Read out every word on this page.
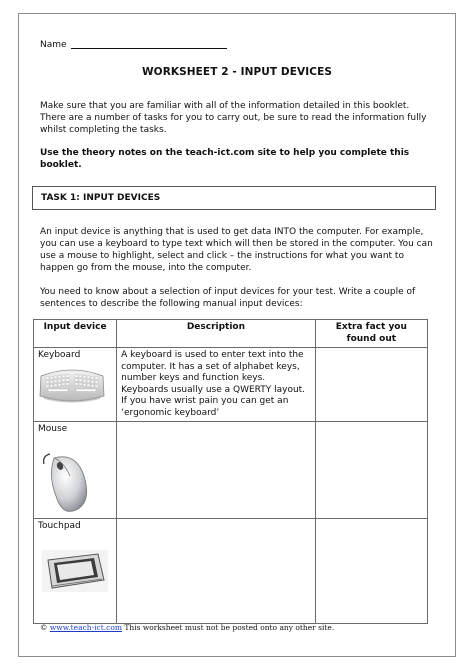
Name
WORKSHEET 2 - INPUT DEVICES
Make sure that you are familiar with all of the information detailed in this booklet. There are a number of tasks for you to carry out, be sure to read the information fully whilst completing the tasks.
Use the theory notes on the teach-ict.com site to help you complete this booklet.
TASK 1: INPUT DEVICES
An input device is anything that is used to get data INTO the computer. For example, you can use a keyboard to type text which will then be stored in the computer. You can use a mouse to highlight, select and click – the instructions for what you want to happen go from the mouse, into the computer.
You need to know about a selection of input devices for your test. Write a couple of sentences to describe the following manual input devices:
Input device	Description	Extra fact you found out
Keyboard	A keyboard is used to enter text into the computer. It has a set of alphabet keys, number keys and function keys. Keyboards usually use a QWERTY layout. If you have wrist pain you can get an ‘ergonomic keyboard’	
Mouse

Touchpad

© www.teach-ict.com This worksheet must not be posted onto any other site.
